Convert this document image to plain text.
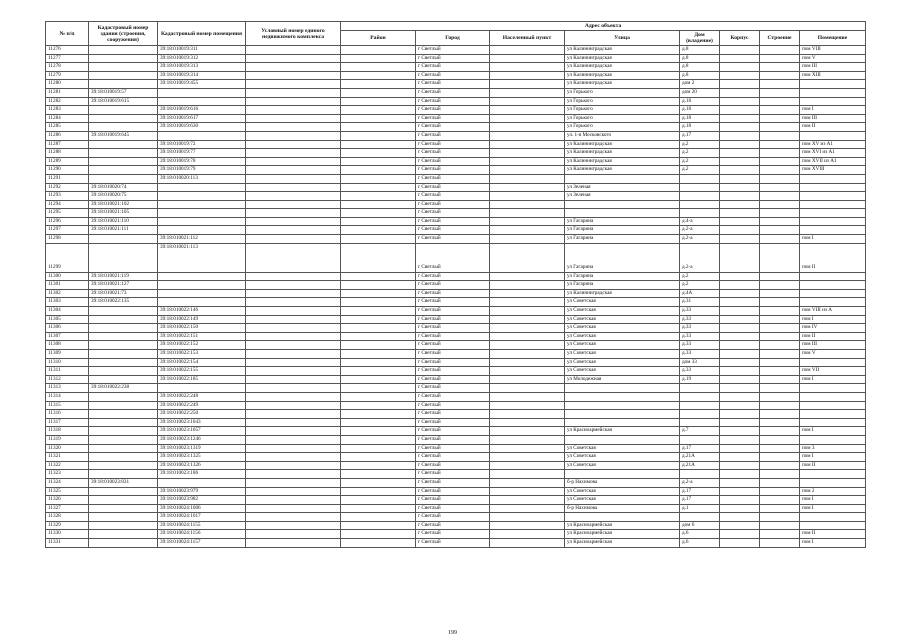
№ п/п	Кадастровый номер здания (строения, сооружения)	Кадастровый номер помещения	Условный номер единого недвижимого комплекса	Адрес объекта							
				Район	Город	Населенный пункт	Улица	Дом (владение)	Корпус	Строение	Помещение
11276		39:18:010019:311			г Светлый		ул Калининградская	д.8			пом VIII
11277		39:18:010019:312			г Светлый		ул Калининградская	д.8			пом V
11278		39:18:010019:313			г Светлый		ул Калининградская	д.8			пом III
11279		39:18:010019:314			г Светлый		ул Калининградская	д.8			пом XIII
11280		39:18:010019:455			г Светлый		ул Калининградская	дом 2			
11281	39:18:010019:57				г Светлый		ул Горького	дом 20			
11282	39:18:010019:615				г Светлый		ул Горького	д.18			
11283		39:18:010019:616			г Светлый		ул Горького	д.18			пом I
11284		39:18:010019:617			г Светлый		ул Горького	д.18			пом III
11285		39:18:010019:630			г Светлый		ул Горького	д.18			пом II
11286	39:18:010019:645				г Светлый		ул. 1-я Московского	д.17			
11287		39:18:010019:72			г Светлый		ул Калининградская	д.2			пом XV из А1
11288		39:18:010019:77			г Светлый		ул Калининградская	д.2			пом XVI из А1
11289		39:18:010019:78			г Светлый		ул Калининградская	д.2			пом XVII из А1
11290		39:18:010019:79			г Светлый		ул Калининградская	д.2			пом XVIII
11291		39:18:010020:113			г Светлый						
11292	39:18:010020:74				г Светлый		ул Зеленая				
11293	39:18:010020:75				г Светлый		ул Зеленая				
11294	39:18:010021:102				г Светлый						
11295	39:18:010021:105				г Светлый						
11296	39:18:010021:110				г Светлый		ул Гагарина	д.4-а			
11297	39:18:010021:111				г Светлый		ул Гагарина	д.2-а			
11298		39:18:010021:112			г Светлый		ул Гагарина	д.2-а			пом I
11299		39:18:010021:113			г Светлый		ул Гагарина	д.2-а			пом II
11300	39:18:010021:119				г Светлый		ул Гагарина	д.2			
11301	39:18:010021:127				г Светлый		ул Гагарина	д.2			
11302	39:18:010021:73				г Светлый		ул Калининградская	д.4А			
11303	39:18:010022:135				г Светлый		ул Советская	д.31			
11304		39:18:010022:146			г Светлый		ул Советская	д.33			пом VIII из А
11305		39:18:010022:149			г Светлый		ул Советская	д.33			пом I
11306		39:18:010022:150			г Светлый		ул Советская	д.33			пом IV
11307		39:18:010022:151			г Светлый		ул Советская	д.33			пом II
11308		39:18:010022:152			г Светлый		ул Советская	д.33			пом III
11309		39:18:010022:153			г Светлый		ул Советская	д.33			пом V
11310		39:18:010022:154			г Светлый		ул Советская	дом 33			
11311		39:18:010022:155			г Светлый		ул Советская	д.33			пом VII
11312		39:18:010022:185			г Светлый		ул Молодежная	д.19			пом I
11313	39:18:010022:238				г Светлый						
11314		39:18:010022:248			г Светлый						
11315		39:18:010022:249			г Светлый						
11316		39:18:010022:250			г Светлый						
11317		39:18:010023:1043			г Светлый						
11318		39:18:010023:1057			г Светлый		ул Красноармейская	д.7			пом I
11319		39:18:010023:1246			г Светлый						
11320		39:18:010023:1319			г Светлый		ул Советская	д.17			пом 3
11321		39:18:010023:1325			г Светлый		ул Советская	д.21А			пом I
11322		39:18:010023:1326			г Светлый		ул Советская	д.21А			пом II
11323		39:18:010023:186			г Светлый						
11324	39:18:010023:831				г Светлый		б-р Нахимова	д.2-а			
11325		39:18:010023:979			г Светлый		ул Советская	д.17			пом 2
11326		39:18:010023:982			г Светлый		ул Советская	д.17			пом I
11327		39:18:010024:1006			г Светлый		б-р Нахимова	д.1			пом I
11328		39:18:010024:1017			г Светлый						
11329		39:18:010024:1155			г Светлый		ул Красноармейская	дом 6			
11330		39:18:010024:1156			г Светлый		ул Красноармейская	д.6			пом II
11331		39:18:010024:1157			г Светлый		ул Красноармейская	д.6			пом I
199
